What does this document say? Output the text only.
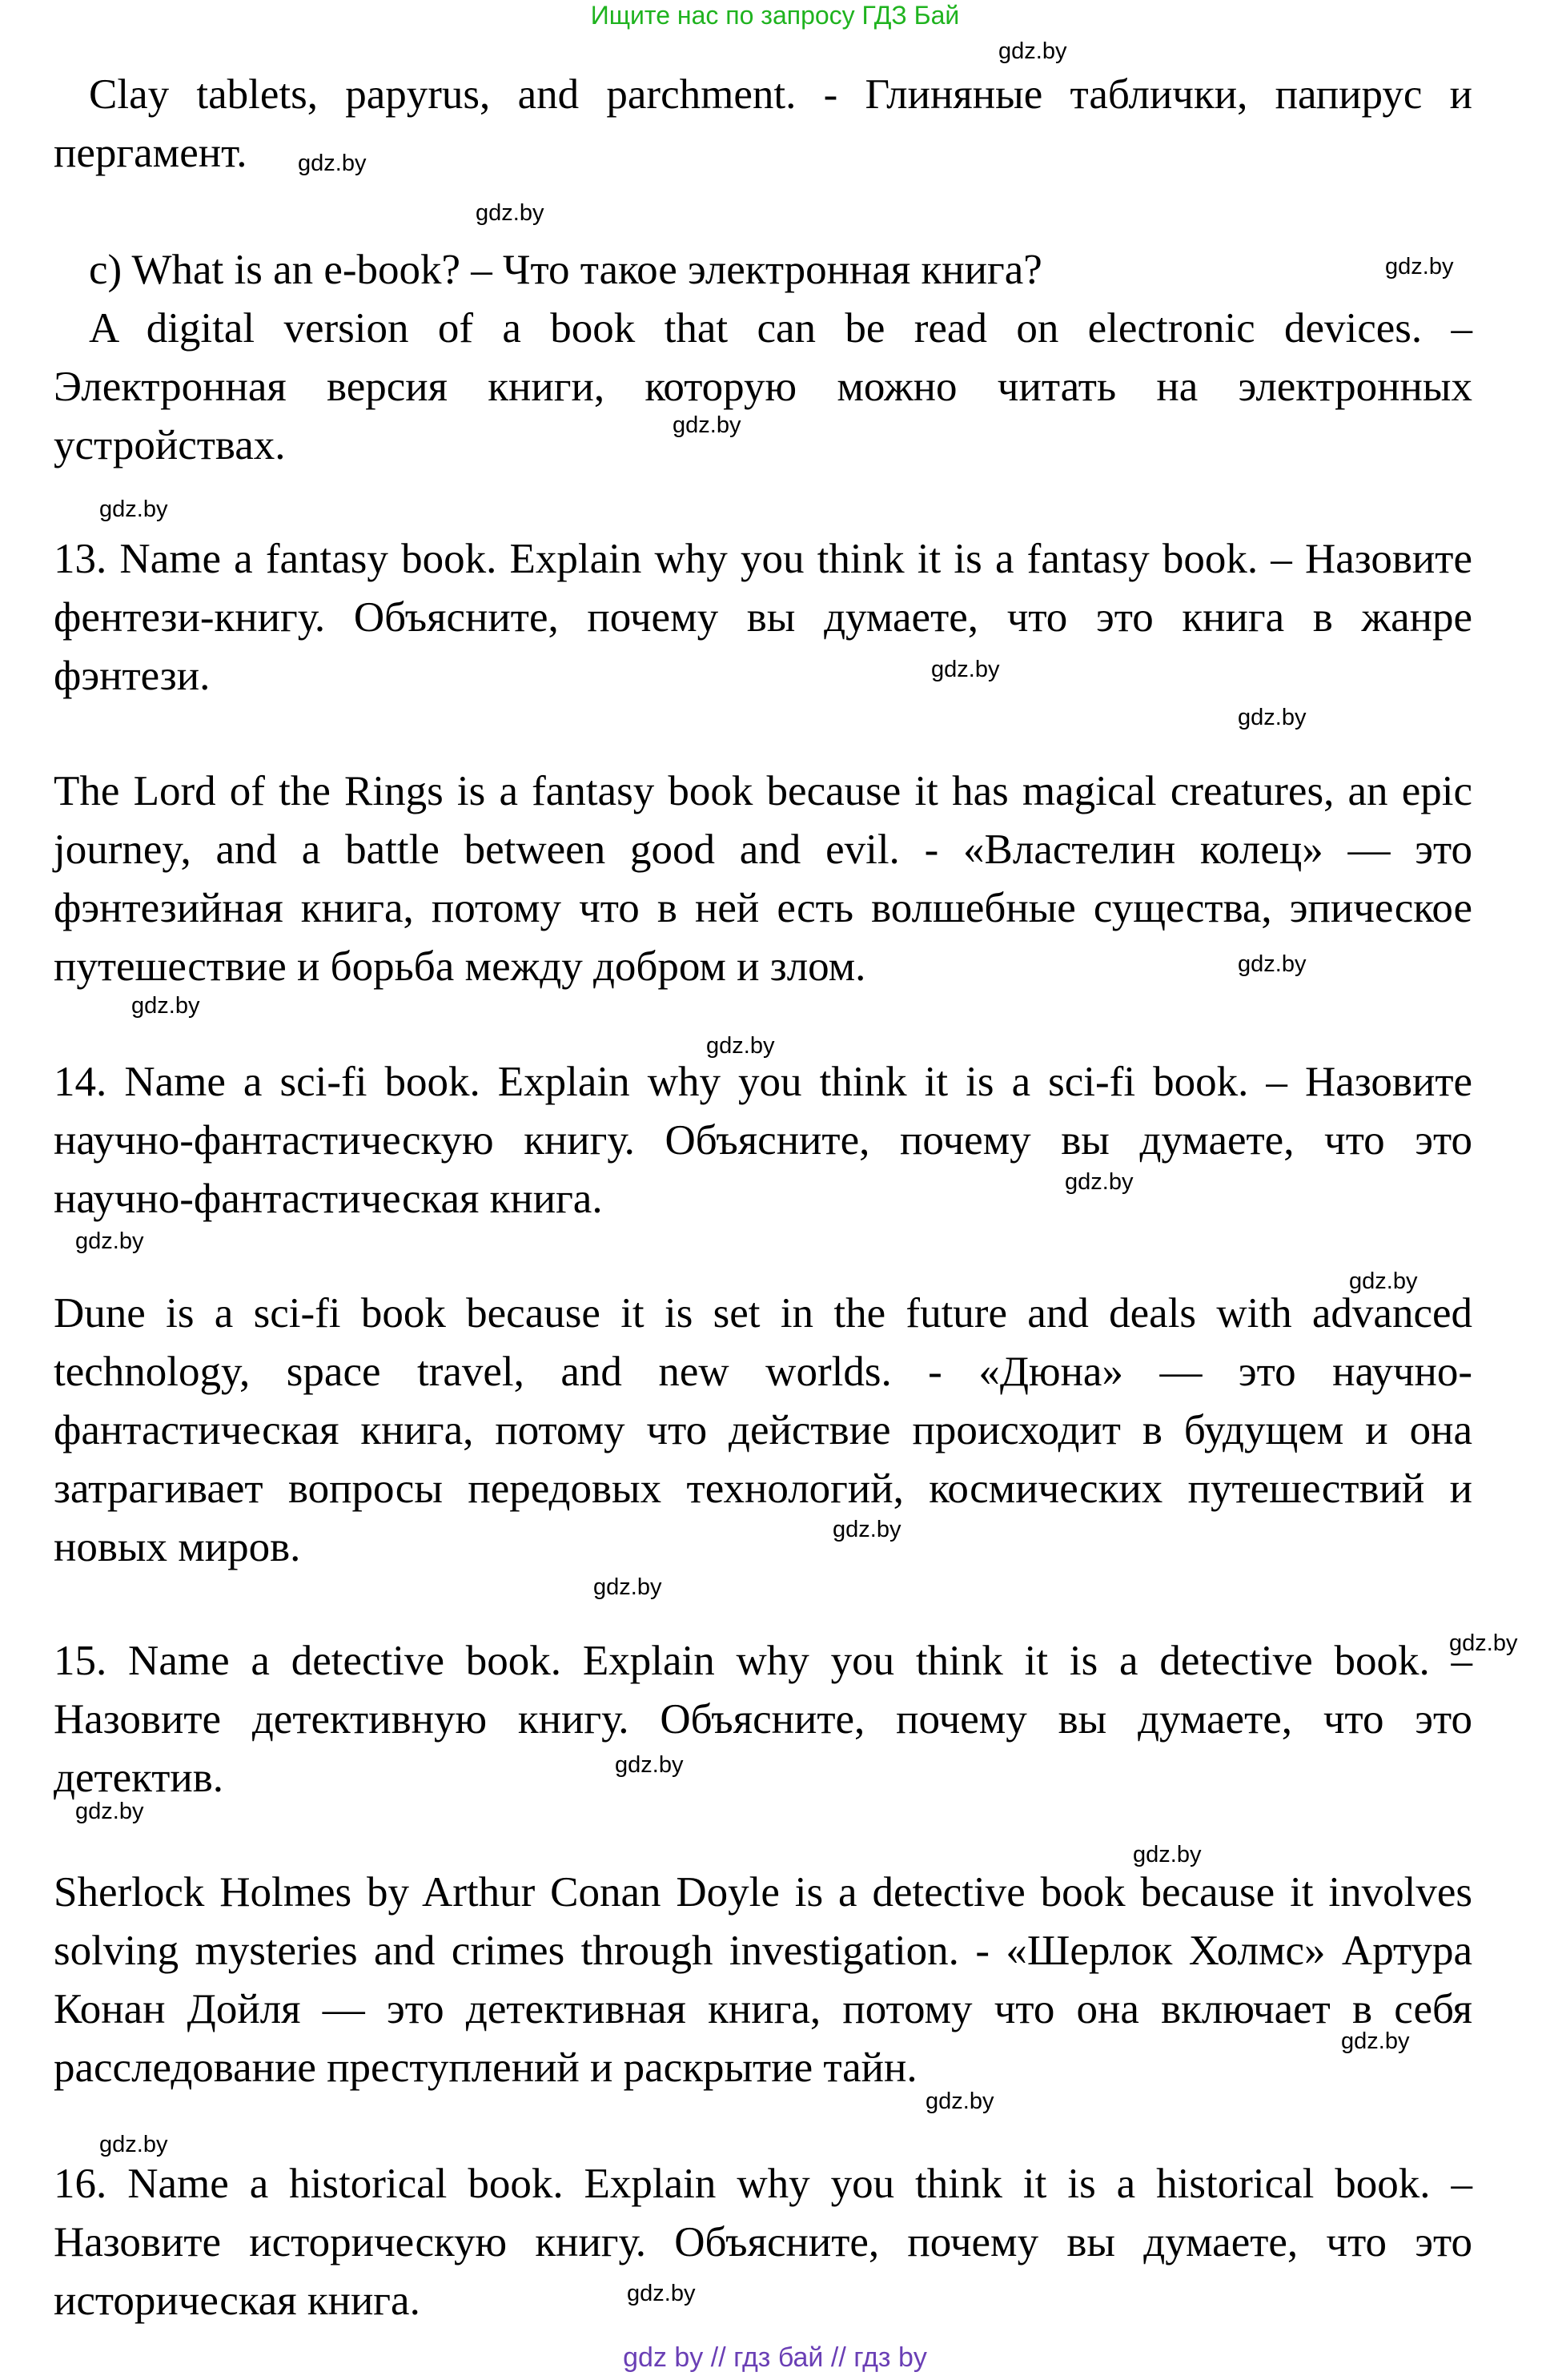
Ищите нас по запросу ГДЗ Бай

Clay tablets, papyrus, and parchment. - Глиняные таблички, папирус и пергамент.

c) What is an e-book? – Что такое электронная книга?

A digital version of a book that can be read on electronic devices. – Электронная версия книги, которую можно читать на электронных устройствах.

13. Name a fantasy book. Explain why you think it is a fantasy book. – Назовите фентези-книгу. Объясните, почему вы думаете, что это книга в жанре фэнтези.

The Lord of the Rings is a fantasy book because it has magical creatures, an epic journey, and a battle between good and evil. - «Властелин колец» — это фэнтезийная книга, потому что в ней есть волшебные существа, эпическое путешествие и борьба между добром и злом.

14. Name a sci-fi book. Explain why you think it is a sci-fi book. – Назовите научно-фантастическую книгу. Объясните, почему вы думаете, что это научно-фантастическая книга.

Dune is a sci-fi book because it is set in the future and deals with advanced technology, space travel, and new worlds. - «Дюна» — это научно-фантастическая книга, потому что действие происходит в будущем и она затрагивает вопросы передовых технологий, космических путешествий и новых миров.

15. Name a detective book. Explain why you think it is a detective book. – Назовите детективную книгу. Объясните, почему вы думаете, что это детектив.

Sherlock Holmes by Arthur Conan Doyle is a detective book because it involves solving mysteries and crimes through investigation. - «Шерлок Холмс» Артура Конан Дойля — это детективная книга, потому что она включает в себя расследование преступлений и раскрытие тайн.

16. Name a historical book. Explain why you think it is a historical book. – Назовите историческую книгу. Объясните, почему вы думаете, что это историческая книга.

gdz.by
gdz.by
gdz.by
gdz.by
gdz.by
gdz.by
gdz.by
gdz.by
gdz.by
gdz.by
gdz.by
gdz.by
gdz.by
gdz.by
gdz.by
gdz.by
gdz.by
gdz.by
gdz.by
gdz.by
gdz.by
gdz.by
gdz.by
gdz.by
gdz by // гдз бай // гдз by
